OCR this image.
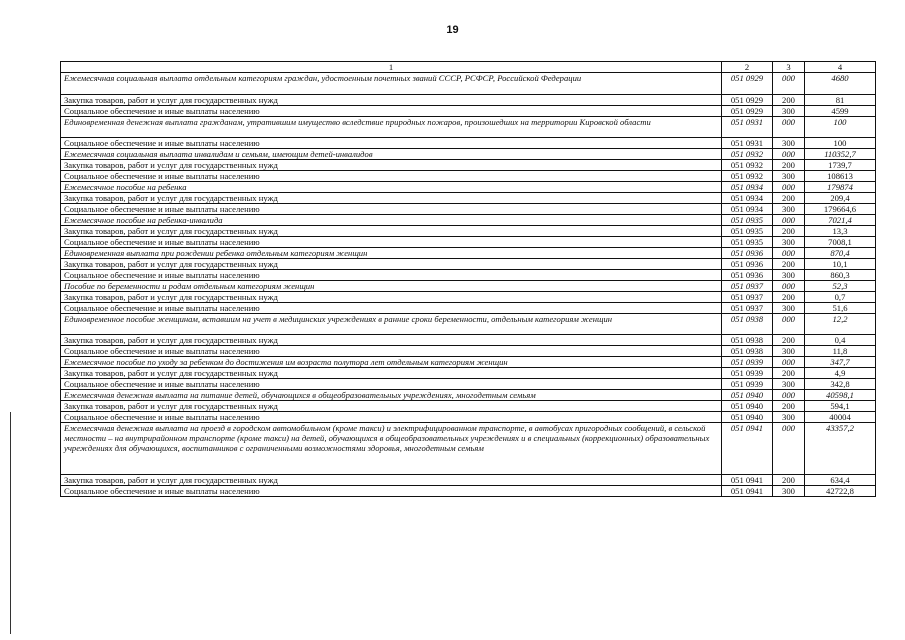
19
1	2	3	4
Ежемесячная социальная выплата отдельным категориям граждан, удостоенным почетных званий СССР, РСФСР, Российской Федерации	051 0929	000	4680
Закупка товаров, работ и услуг для государственных нужд	051 0929	200	81
Социальное обеспечение и иные выплаты населению	051 0929	300	4599
Единовременная денежная выплата гражданам, утратившим имущество вследствие природных пожаров, произошедших на территории Кировской области	051 0931	000	100
Социальное обеспечение и иные выплаты населению	051 0931	300	100
Ежемесячная социальная выплата инвалидам и семьям, имеющим детей-инвалидов	051 0932	000	110352,7
Закупка товаров, работ и услуг для государственных нужд	051 0932	200	1739,7
Социальное обеспечение и иные выплаты населению	051 0932	300	108613
Ежемесячное пособие на ребенка	051 0934	000	179874
Закупка товаров, работ и услуг для государственных нужд	051 0934	200	209,4
Социальное обеспечение и иные выплаты населению	051 0934	300	179664,6
Ежемесячное пособие на ребенка-инвалида	051 0935	000	7021,4
Закупка товаров, работ и услуг для государственных нужд	051 0935	200	13,3
Социальное обеспечение и иные выплаты населению	051 0935	300	7008,1
Единовременная выплата при рождении ребенка отдельным категориям женщин	051 0936	000	870,4
Закупка товаров, работ и услуг для государственных нужд	051 0936	200	10,1
Социальное обеспечение и иные выплаты населению	051 0936	300	860,3
Пособие по беременности и родам отдельным категориям женщин	051 0937	000	52,3
Закупка товаров, работ и услуг для государственных нужд	051 0937	200	0,7
Социальное обеспечение и иные выплаты населению	051 0937	300	51,6
Единовременное пособие женщинам, вставшим на учет в медицинских учреждениях в ранние сроки беременности, отдельным категориям женщин	051 0938	000	12,2
Закупка товаров, работ и услуг для государственных нужд	051 0938	200	0,4
Социальное обеспечение и иные выплаты населению	051 0938	300	11,8
Ежемесячное пособие по уходу за ребенком до достижения им возраста полутора лет отдельным категориям женщин	051 0939	000	347,7
Закупка товаров, работ и услуг для государственных нужд	051 0939	200	4,9
Социальное обеспечение и иные выплаты населению	051 0939	300	342,8
Ежемесячная денежная выплата на питание детей, обучающихся в общеобразовательных учреждениях, многодетным семьям	051 0940	000	40598,1
Закупка товаров, работ и услуг для государственных нужд	051 0940	200	594,1
Социальное обеспечение и иные выплаты населению	051 0940	300	40004
Ежемесячная денежная выплата на проезд в городском автомобильном (кроме такси) и электрифицированном транспорте, в автобусах пригородных сообщений, в сельской местности – на внутрирайонном транспорте (кроме такси) на детей, обучающихся в общеобразовательных учреждениях и в специальных (коррекционных) образовательных учреждениях для обучающихся, воспитанников с ограниченными возможностями здоровья, многодетным семьям	051 0941	000	43357,2
Закупка товаров, работ и услуг для государственных нужд	051 0941	200	634,4
Социальное обеспечение и иные выплаты населению	051 0941	300	42722,8
